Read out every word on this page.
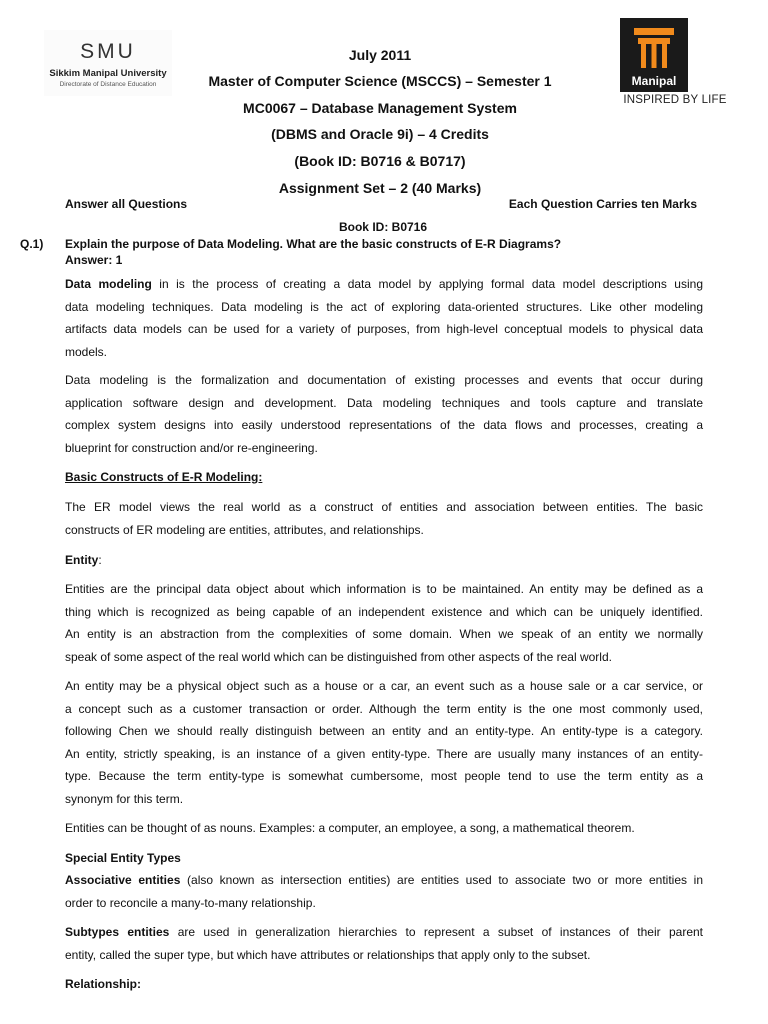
SMU
Sikkim Manipal University
Directorate of Distance Education	Manipal
INSPIRED BY LIFE
July 2011
Master of Computer Science (MSCCS) – Semester 1
MC0067 – Database Management System
(DBMS and Oracle 9i) – 4 Credits
(Book ID: B0716 & B0717)
Assignment Set – 2 (40 Marks)
Answer all Questions	Each Question Carries ten Marks
Book ID: B0716
Q.1) Explain the purpose of Data Modeling. What are the basic constructs of E-R Diagrams?
Answer: 1
Data modeling in is the process of creating a data model by applying formal data model descriptions using
data modeling techniques. Data modeling is the act of exploring data-oriented structures. Like other modeling
artifacts data models can be used for a variety of purposes, from high-level conceptual models to physical data
models.
Data modeling is the formalization and documentation of existing processes and events that occur during
application software design and development. Data modeling techniques and tools capture and translate
complex system designs into easily understood representations of the data flows and processes, creating a
blueprint for construction and/or re-engineering.
Basic Constructs of E-R Modeling:
The ER model views the real world as a construct of entities and association between entities. The basic
constructs of ER modeling are entities, attributes, and relationships.
Entity:
Entities are the principal data object about which information is to be maintained. An entity may be defined as a
thing which is recognized as being capable of an independent existence and which can be uniquely identified.
An entity is an abstraction from the complexities of some domain. When we speak of an entity we normally
speak of some aspect of the real world which can be distinguished from other aspects of the real world.
An entity may be a physical object such as a house or a car, an event such as a house sale or a car service, or
a concept such as a customer transaction or order. Although the term entity is the one most commonly used,
following Chen we should really distinguish between an entity and an entity-type. An entity-type is a category.
An entity, strictly speaking, is an instance of a given entity-type. There are usually many instances of an entity-
type. Because the term entity-type is somewhat cumbersome, most people tend to use the term entity as a
synonym for this term.
Entities can be thought of as nouns. Examples: a computer, an employee, a song, a mathematical theorem.
Special Entity Types
Associative entities (also known as intersection entities) are entities used to associate two or more entities in
order to reconcile a many-to-many relationship.
Subtypes entities are used in generalization hierarchies to represent a subset of instances of their parent
entity, called the super type, but which have attributes or relationships that apply only to the subset.
Relationship:
